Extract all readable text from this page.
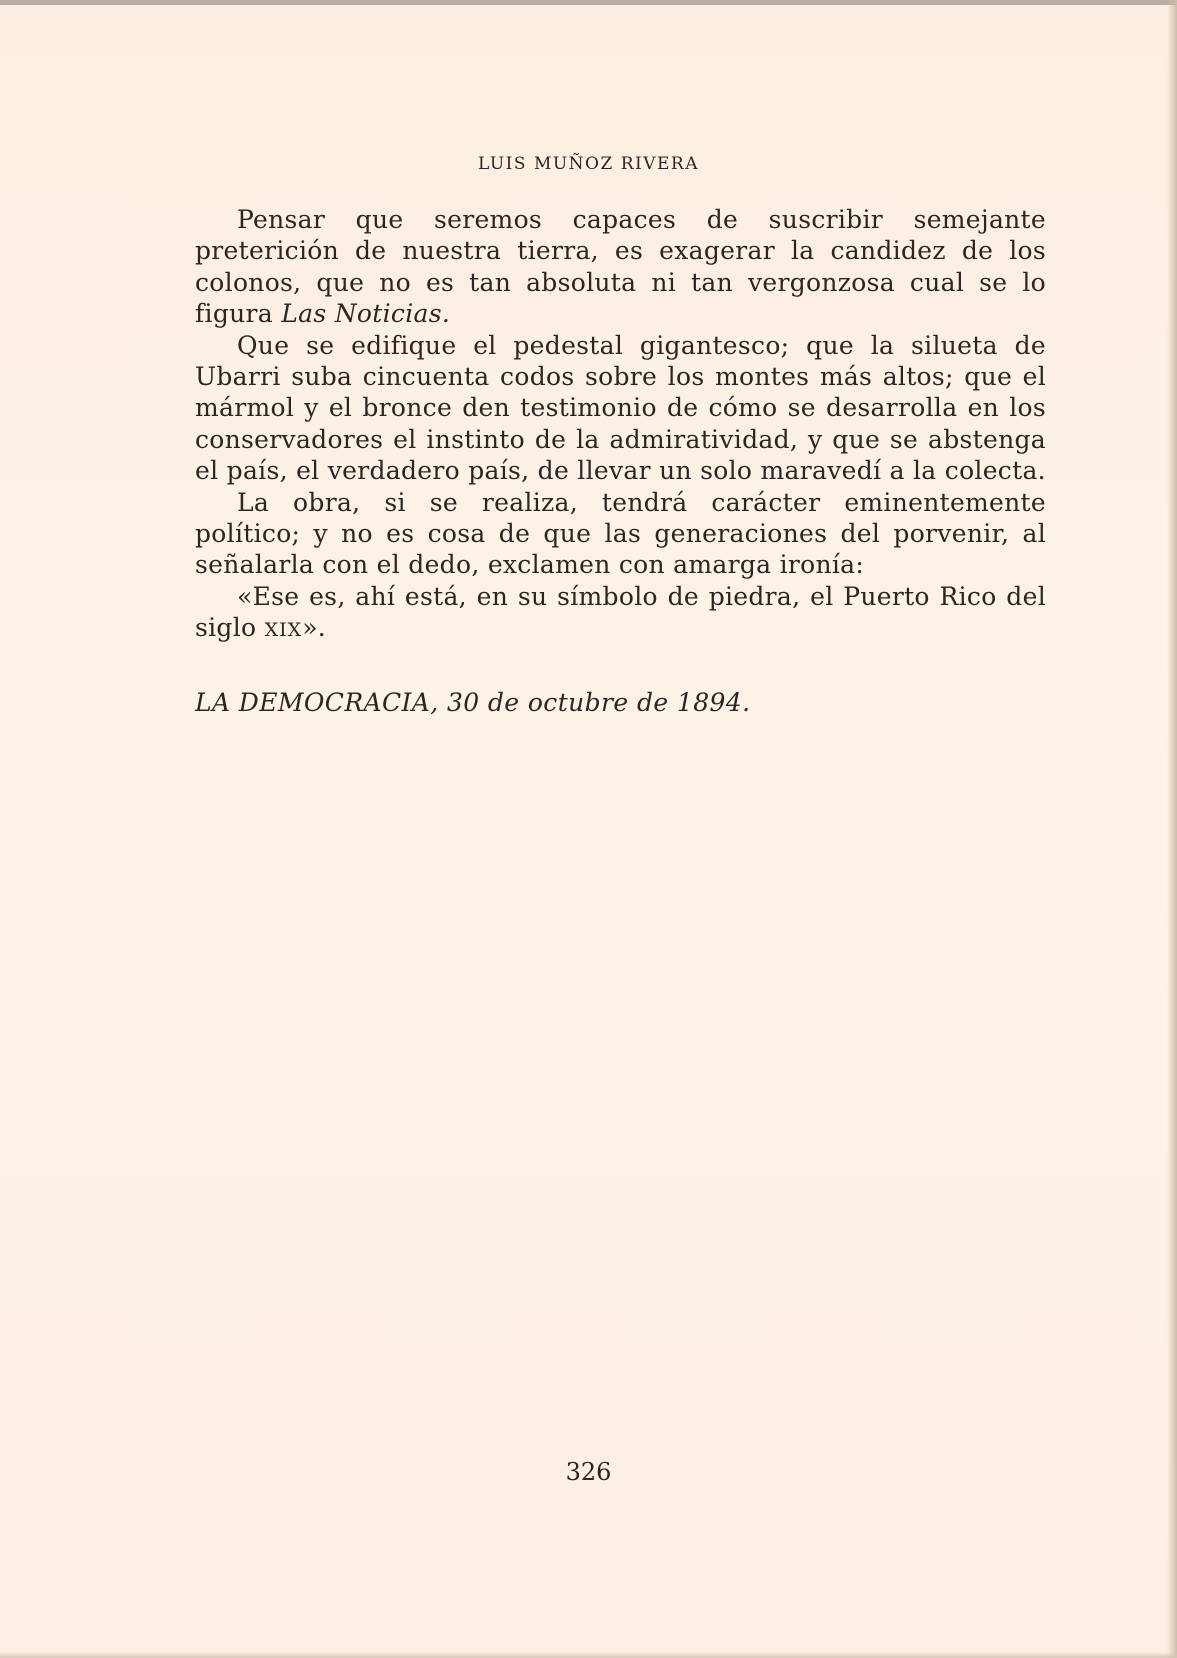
LUIS MUÑOZ RIVERA

Pensar que seremos capaces de suscribir semejante preterición de nuestra tierra, es exagerar la candidez de los colonos, que no es tan absoluta ni tan vergonzosa cual se lo figura Las Noticias.

Que se edifique el pedestal gigantesco; que la silueta de Ubarri suba cincuenta codos sobre los montes más altos; que el mármol y el bronce den testimonio de cómo se desarrolla en los conservadores el instinto de la admiratividad, y que se abstenga el país, el verdadero país, de llevar un solo maravedí a la colecta.

La obra, si se realiza, tendrá carácter eminentemente político; y no es cosa de que las generaciones del porvenir, al señalarla con el dedo, exclamen con amarga ironía:

«Ese es, ahí está, en su símbolo de piedra, el Puerto Rico del siglo XIX».

LA DEMOCRACIA, 30 de octubre de 1894.
326
